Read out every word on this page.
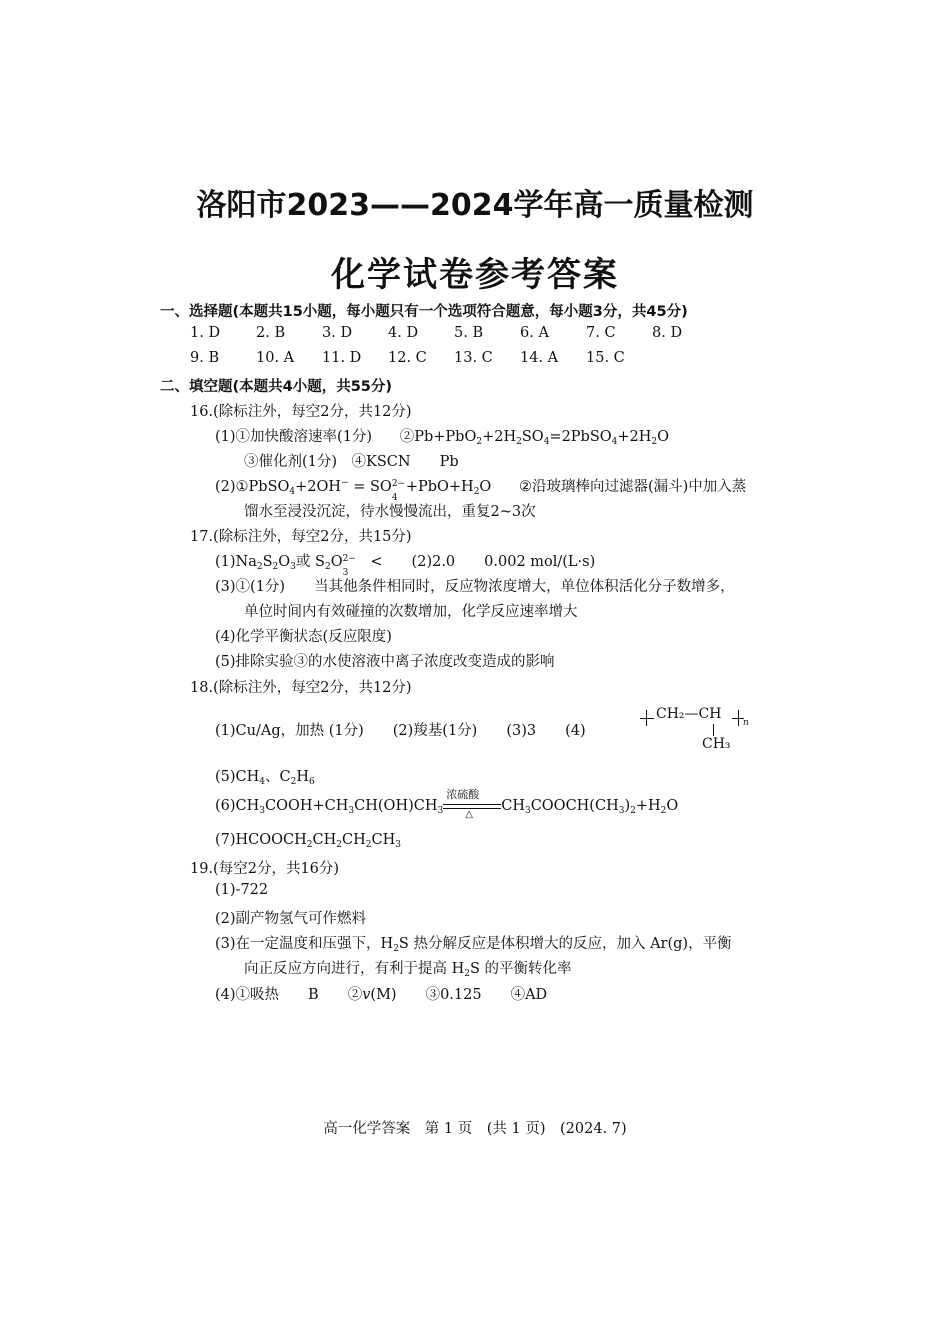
洛阳市2023——2024学年高一质量检测
化学试卷参考答案
一、选择题(本题共15小题，每小题只有一个选项符合题意，每小题3分，共45分)
1. D 2. B	3. D 4. D 5. B	6. A	7. C	8. D
9. B	10. A 11. D 12. C 13. C 14. A 15. C
二、填空题(本题共4小题，共55分)
16.(除标注外，每空2分，共12分)
(1)①加快酸溶速率(1分) $②Pb+PbO_2+2H_2SO_4=2PbSO_4+2H_2O$
③催化剂(1分)　④KSCN　　Pb
(2)①PbSO$_4$+2OH− = SO 2−
4
$+PbO+H_2O$ ②沿玻璃棒向过滤器(漏斗)中加入蒸
馏水至浸没沉淀，待水慢慢流出，重复2~3次
17.(除标注外，每空2分，共15分)
$(1)Na_2S_2O_3$或 $S_2O$ 2−
3
<　　(2)2.0　　0.002 mol/(L·s)
(3)①(1分)　　当其他条件相同时，反应物浓度增大，单位体积活化分子数增多，
单位时间内有效碰撞的次数增加，化学反应速率增大
(4)化学平衡状态(反应限度)
(5)排除实验③的水使溶液中离子浓度改变造成的影响
18.(除标注外，每空2分，共12分)
(1)Cu/Ag，加热 (1分)　　(2)羧基(1分)　　(3)3　　(4)
CH₂—CH
n
CH₃
$(5)CH_4$、$C_2H_6$
$(6)CH_3COOH+CH_3CH(OH)CH_3$
浓硫酸
△
$CH_3COOCH(CH_3)_2+H_2O$
$(7)HCOOCH_2CH_2CH_2CH_3$
19.(每空2分，共16分)
(1)-722
(2)副产物氢气可作燃料
(3)在一定温度和压强下，$H_2S$ 热分解反应是体积增大的反应，加入 Ar(g)，平衡
向正反应方向进行，有利于提高 $H_2S$ 的平衡转化率
(4)①吸热　　B　　②v(M)　　③0.125　　④AD
高一化学答案　第 1 页　(共 1 页)　(2024. 7)
